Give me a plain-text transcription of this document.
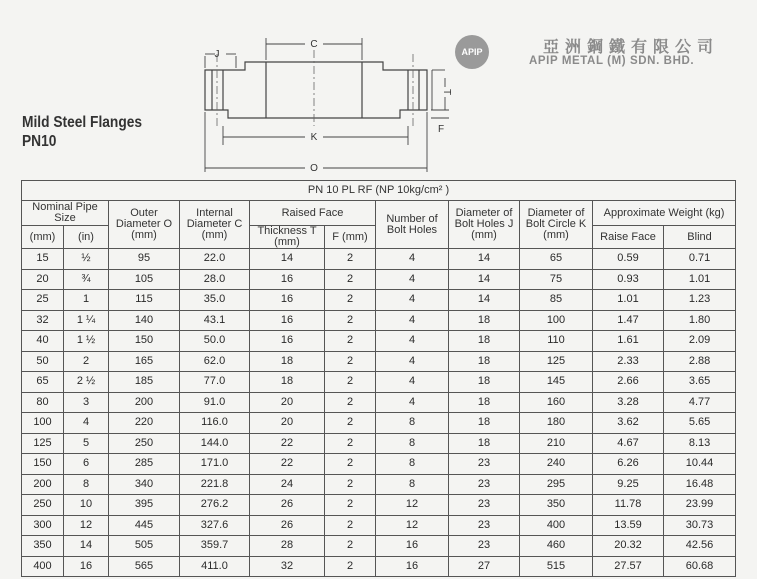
Mild Steel Flanges
PN10
APIP	亞洲鋼鐵有限公司
APIP METAL (M) SDN. BHD.
J
C
T
F
K
O
PN 10 PL RF (NP 10kg/cm² )										
Nominal Pipe Size		Outer Diameter O (mm)	Internal Diameter C (mm)	Raised Face		Number of Bolt Holes	Diameter of Bolt Holes J (mm)	Diameter of Bolt Circle K (mm)	Approximate Weight (kg)	
(mm)	(in)			Thickness T (mm)	F (mm)				Raise Face	Blind
15	½	95	22.0	14	2	4	14	65	0.59	0.71
20	¾	105	28.0	16	2	4	14	75	0.93	1.01
25	1	115	35.0	16	2	4	14	85	1.01	1.23
32	1 ¼	140	43.1	16	2	4	18	100	1.47	1.80
40	1 ½	150	50.0	16	2	4	18	110	1.61	2.09
50	2	165	62.0	18	2	4	18	125	2.33	2.88
65	2 ½	185	77.0	18	2	4	18	145	2.66	3.65
80	3	200	91.0	20	2	4	18	160	3.28	4.77
100	4	220	116.0	20	2	8	18	180	3.62	5.65
125	5	250	144.0	22	2	8	18	210	4.67	8.13
150	6	285	171.0	22	2	8	23	240	6.26	10.44
200	8	340	221.8	24	2	8	23	295	9.25	16.48
250	10	395	276.2	26	2	12	23	350	11.78	23.99
300	12	445	327.6	26	2	12	23	400	13.59	30.73
350	14	505	359.7	28	2	16	23	460	20.32	42.56
400	16	565	411.0	32	2	16	27	515	27.57	60.68
